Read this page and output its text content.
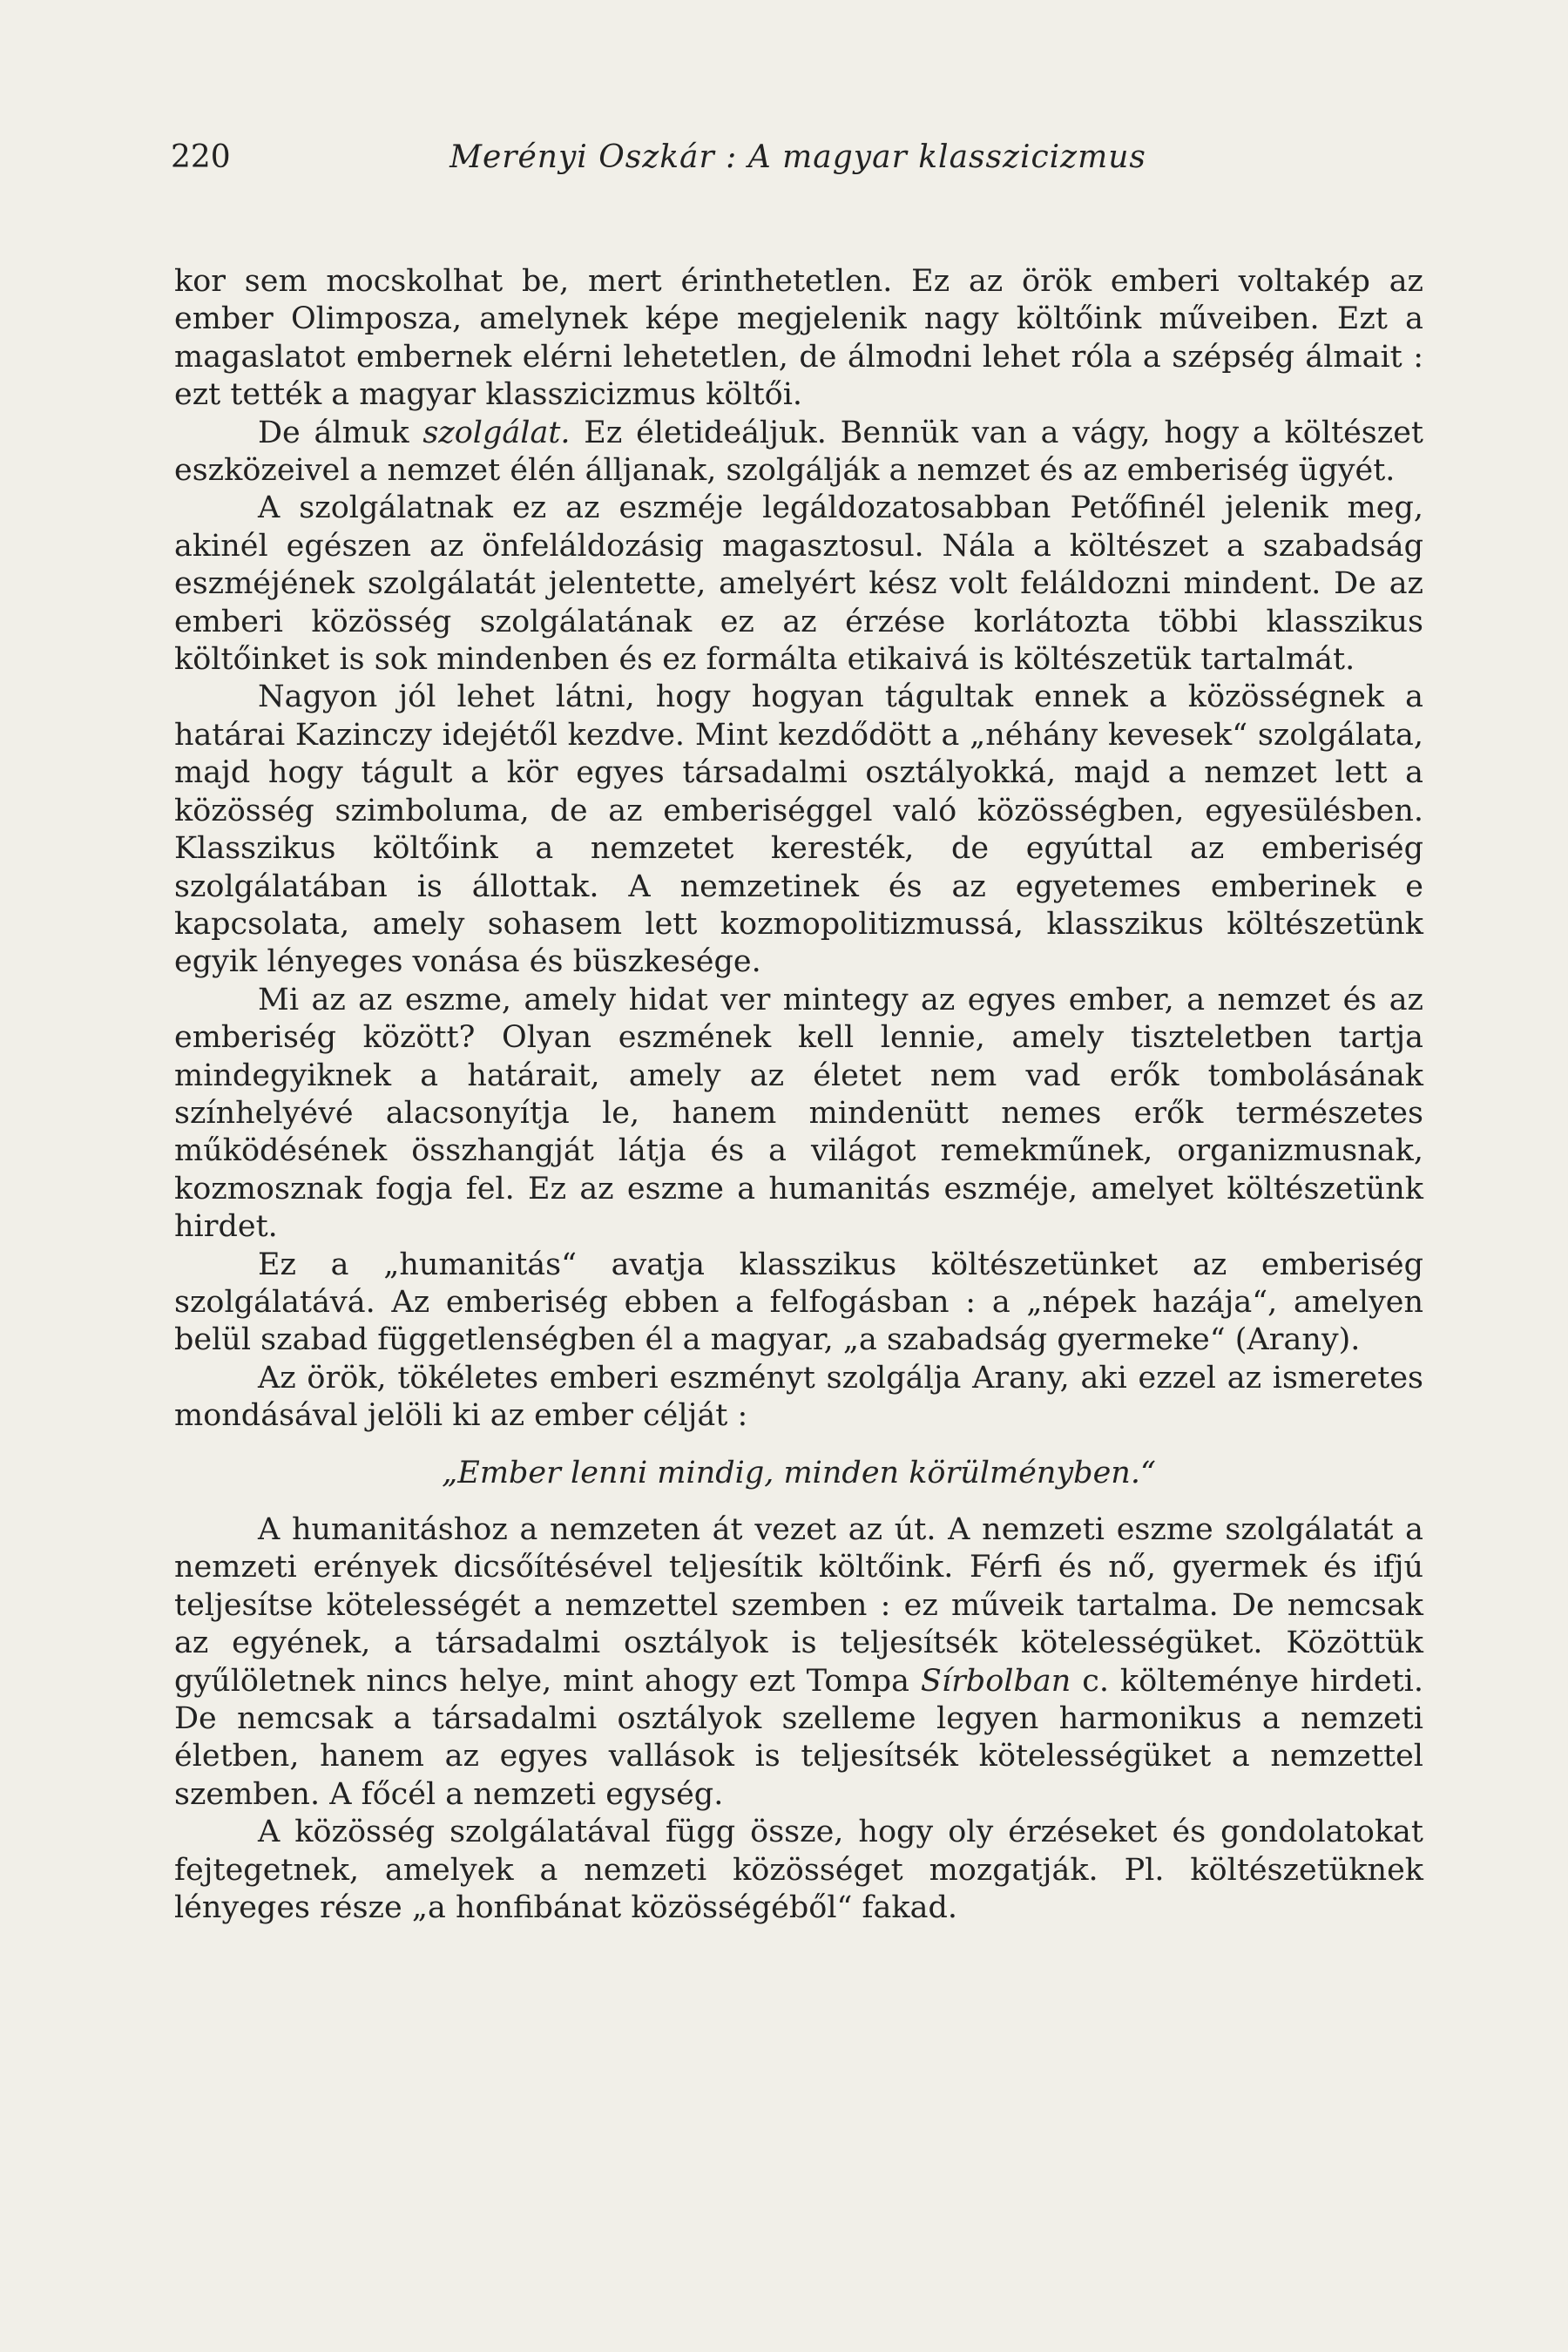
220	Merényi Oszkár : A magyar klasszicizmus

kor sem mocskolhat be, mert érinthetetlen. Ez az örök emberi voltakép az ember Olimposza, amelynek képe megjelenik nagy költőink műveiben. Ezt a magaslatot embernek elérni lehetetlen, de álmodni lehet róla a szépség álmait : ezt tették a magyar klasszicizmus költői.

De álmuk szolgálat. Ez életideáljuk. Bennük van a vágy, hogy a költészet eszközeivel a nemzet élén álljanak, szolgálják a nemzet és az emberiség ügyét.

A szolgálatnak ez az eszméje legáldozatosabban Petőfinél jelenik meg, akinél egészen az önfeláldozásig magasztosul. Nála a költészet a szabadság eszméjének szolgálatát jelentette, amelyért kész volt feláldozni mindent. De az emberi közösség szolgálatának ez az érzése korlátozta többi klasszikus költőinket is sok mindenben és ez formálta etikaivá is költészetük tartalmát.

Nagyon jól lehet látni, hogy hogyan tágultak ennek a közösségnek a határai Kazinczy idejétől kezdve. Mint kezdődött a „néhány kevesek“ szolgálata, majd hogy tágult a kör egyes társadalmi osztályokká, majd a nemzet lett a közösség szimboluma, de az emberiséggel való közösségben, egyesülésben. Klasszikus költőink a nemzetet keresték, de egyúttal az emberiség szolgálatában is állottak. A nemzetinek és az egyetemes emberinek e kapcsolata, amely sohasem lett kozmopolitizmussá, klasszikus költészetünk egyik lényeges vonása és büszkesége.

Mi az az eszme, amely hidat ver mintegy az egyes ember, a nemzet és az emberiség között? Olyan eszmének kell lennie, amely tiszteletben tartja mindegyiknek a határait, amely az életet nem vad erők tombolásának színhelyévé alacsonyítja le, hanem mindenütt nemes erők természetes működésének összhangját látja és a világot remekműnek, organizmusnak, kozmosznak fogja fel. Ez az eszme a humanitás eszméje, amelyet költészetünk hirdet.

Ez a „humanitás“ avatja klasszikus költészetünket az emberiség szolgálatává. Az emberiség ebben a felfogásban : a „népek hazája“, amelyen belül szabad függetlenségben él a magyar, „a szabadság gyermeke“ (Arany).

Az örök, tökéletes emberi eszményt szolgálja Arany, aki ezzel az ismeretes mondásával jelöli ki az ember célját :

„Ember lenni mindig, minden körülményben.“

A humanitáshoz a nemzeten át vezet az út. A nemzeti eszme szolgálatát a nemzeti erények dicsőítésével teljesítik költőink. Férfi és nő, gyermek és ifjú teljesítse kötelességét a nemzettel szemben : ez műveik tartalma. De nemcsak az egyének, a társadalmi osztályok is teljesítsék kötelességüket. Közöttük gyűlöletnek nincs helye, mint ahogy ezt Tompa Sírbolban c. költeménye hirdeti. De nemcsak a társadalmi osztályok szelleme legyen harmonikus a nemzeti életben, hanem az egyes vallások is teljesítsék kötelességüket a nemzettel szemben. A főcél a nemzeti egység.

A közösség szolgálatával függ össze, hogy oly érzéseket és gondolatokat fejtegetnek, amelyek a nemzeti közösséget mozgatják. Pl. költészetüknek lényeges része „a honfibánat közösségéből“ fakad.
